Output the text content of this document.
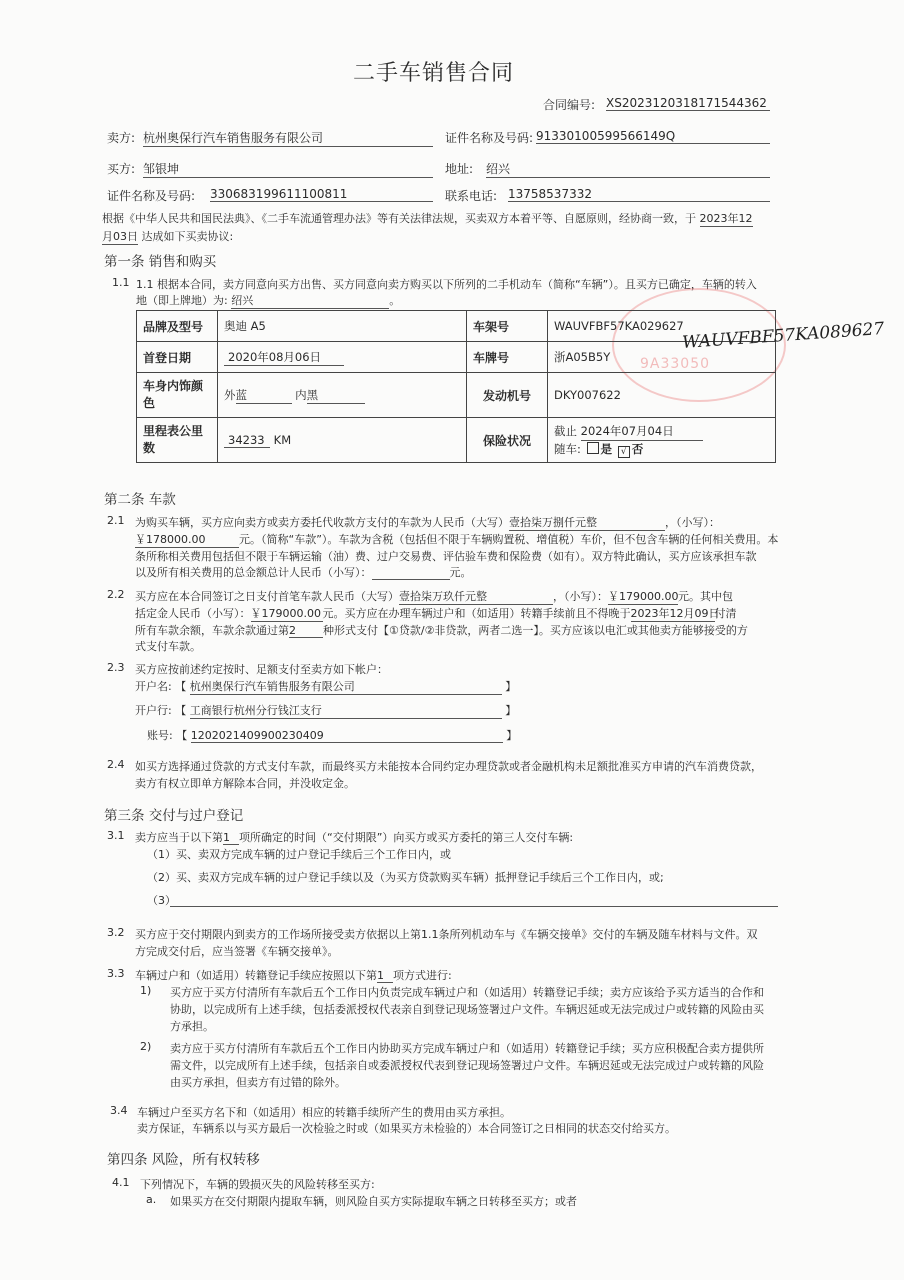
二手车销售合同
合同编号: XS2023120318171544362
卖方: 杭州奥保行汽车销售服务有限公司	证件名称及号码: 91330100599566149Q
买方: 邹银坤	地址: 绍兴
证件名称及号码: 330683199611100811	联系电话: 13758537332
根据《中华人民共和国民法典》、《二手车流通管理办法》等有关法律法规，买卖双方本着平等、自愿原则，经协商一致，于 2023年12
月03日 达成如下买卖协议:
第一条 销售和购买
1.1 1.1 根据本合同，卖方同意向买方出售、买方同意向卖方购买以下所列的二手机动车（简称“车辆”）。且买方已确定，车辆的转入
地（即上牌地）为: 绍兴	。
9A33050
品牌及型号	奥迪 A5	车架号	WAUVFBF57KA029627
首登日期	2020年08月06日	车牌号	浙A05B5Y
车身内饰颜色	外蓝 内黑	发动机号	DKY007622
里程表公里数	34233 KM	保险状况	截止 2024年07月04日
随车: 是 √ 否
WAUVFBF57KA089627
第二条 车款
2.1 为购买车辆，买方应向卖方或卖方委托代收款方支付的车款为人民币（大写）壹拾柒万捌仟元整	，（小写）：
￥178000.00	元。（简称“车款”）。车款为含税（包括但不限于车辆购置税、增值税）车价，但不包含车辆的任何相关费用。本
条所称相关费用包括但不限于车辆运输（油）费、过户交易费、评估验车费和保险费（如有）。双方特此确认，买方应该承担车款
以及所有相关费用的总金额总计人民币（小写）：	元。
2.2 买方应在本合同签订之日支付首笔车款人民币（大写）壹拾柒万玖仟元整	，（小写）：￥179000.00元。其中包
括定金人民币（小写）：￥179000.00 元。买方应在办理车辆过户和（如适用）转籍手续前且不得晚于2023年12月09日付清
所有车款余额，车款余款通过第2 种形式支付【①贷款/②非贷款，两者二选一】。买方应该以电汇或其他卖方能够接受的方
式支付车款。
2.3 买方应按前述约定按时、足额支付至卖方如下帐户：
开户名: 【 杭州奥保行汽车销售服务有限公司	】
开户行: 【 工商银行杭州分行钱江支行	】
账号: 【 1202021409900230409	】
2.4 如买方选择通过贷款的方式支付车款，而最终买方未能按本合同约定办理贷款或者金融机构未足额批准买方申请的汽车消费贷款，
卖方有权立即单方解除本合同，并没收定金。
第三条 交付与过户登记
3.1 卖方应当于以下第1 项所确定的时间（“交付期限”）向买方或买方委托的第三人交付车辆:
（1）买、卖双方完成车辆的过户登记手续后三个工作日内，或
（2）买、卖双方完成车辆的过户登记手续以及（为买方贷款购买车辆）抵押登记手续后三个工作日内，或;
（3）
3.2 买方应于交付期限内到卖方的工作场所接受卖方依据以上第1.1条所列机动车与《车辆交接单》交付的车辆及随车材料与文件。双
方完成交付后，应当签署《车辆交接单》。
3.3 车辆过户和（如适用）转籍登记手续应按照以下第1 项方式进行:
1) 买方应于买方付清所有车款后五个工作日内负责完成车辆过户和（如适用）转籍登记手续；卖方应该给予买方适当的合作和
协助，以完成所有上述手续，包括委派授权代表亲自到登记现场签署过户文件。车辆迟延或无法完成过户或转籍的风险由买
方承担。
2) 卖方应于买方付清所有车款后五个工作日内协助买方完成车辆过户和（如适用）转籍登记手续；买方应积极配合卖方提供所
需文件，以完成所有上述手续，包括亲自或委派授权代表到登记现场签署过户文件。车辆迟延或无法完成过户或转籍的风险
由买方承担，但卖方有过错的除外。
3.4 车辆过户至买方名下和（如适用）相应的转籍手续所产生的费用由买方承担。
卖方保证，车辆系以与买方最后一次检验之时或（如果买方未检验的）本合同签订之日相同的状态交付给买方。
第四条 风险，所有权转移
4.1 下列情况下，车辆的毁损灭失的风险转移至买方:
a. 如果买方在交付期限内提取车辆，则风险自买方实际提取车辆之日转移至买方；或者
